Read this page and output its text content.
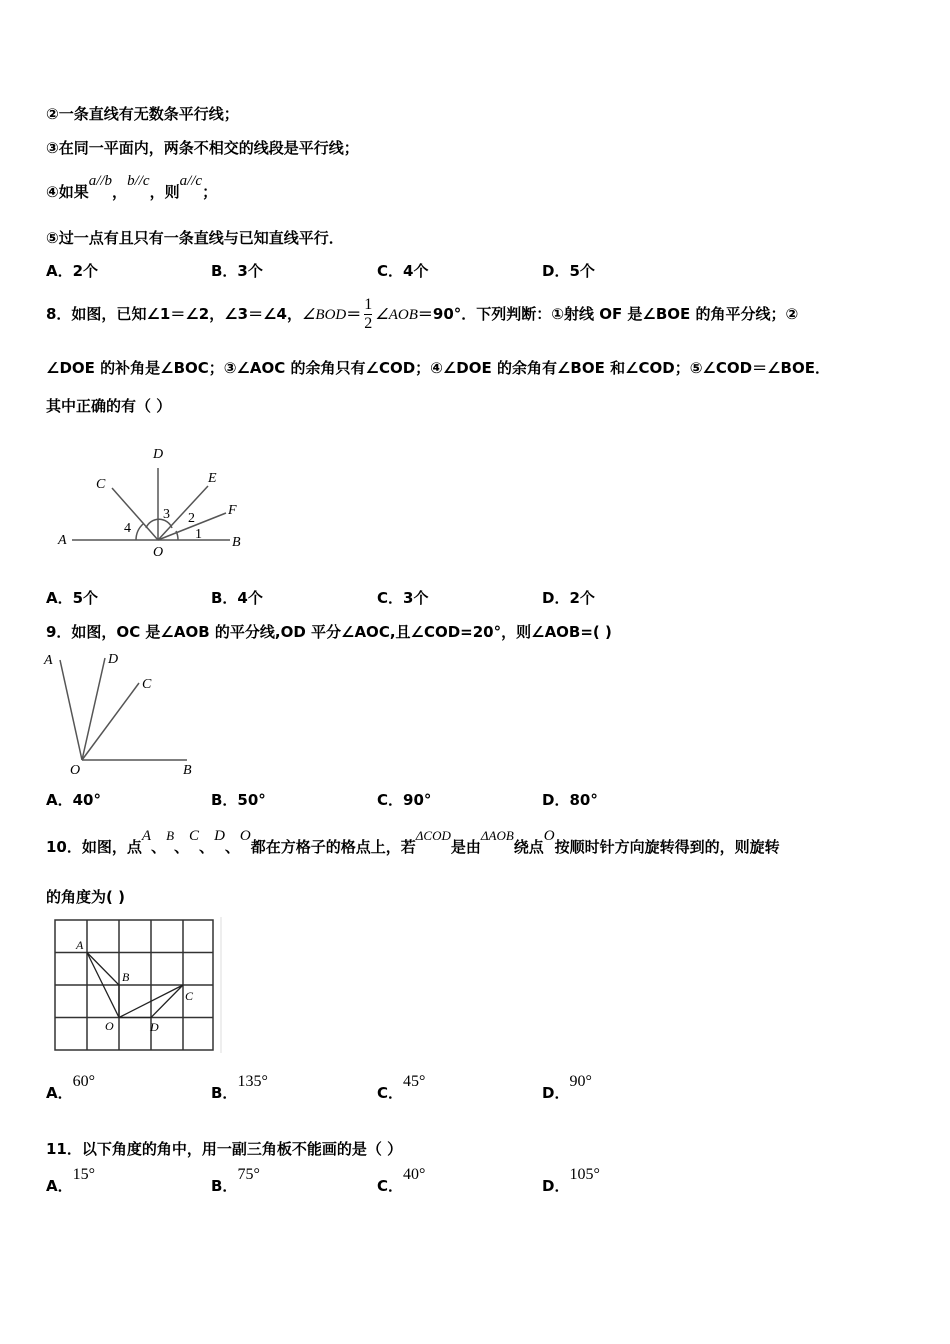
②一条直线有无数条平行线；
③在同一平面内，两条不相交的线段是平行线；
④如果a//b，b//c，则a//c；
⑤过一点有且只有一条直线与已知直线平行．
A．2个	B．3个	C．4个	D．5个
8．如图，已知∠1＝∠2，∠3＝∠4，∠BOD＝ $\frac{1}{2}$ ∠AOB＝90°．下列判断：①射线 OF 是∠BOE 的角平分线；②
∠DOE 的补角是∠BOC；③∠AOC 的余角只有∠COD；④∠DOE 的余角有∠BOE 和∠COD；⑤∠COD＝∠BOE．
其中正确的有（ ）
D
C	E
F
A
O
B
1
2
3
4
A．5个	B．4个	C．3个	D．2个
9．如图，OC 是∠AOB 的平分线,OD 平分∠AOC,且∠COD=20°，则∠AOB=( )
A	D
C
O	B
A．40°	B．50°	C．90°	D．80°
10．如图，点A、B、C、D、O都在方格子的格点上，若ΔCOD是由ΔAOB绕点O按顺时针方向旋转得到的，则旋转
的角度为( )
A
B
C
O	D
A．60°
B．135°
C．45°
D．90°
11．以下角度的角中，用一副三角板不能画的是（ ）
A．15°
B．75°
C．40°
D．105°
